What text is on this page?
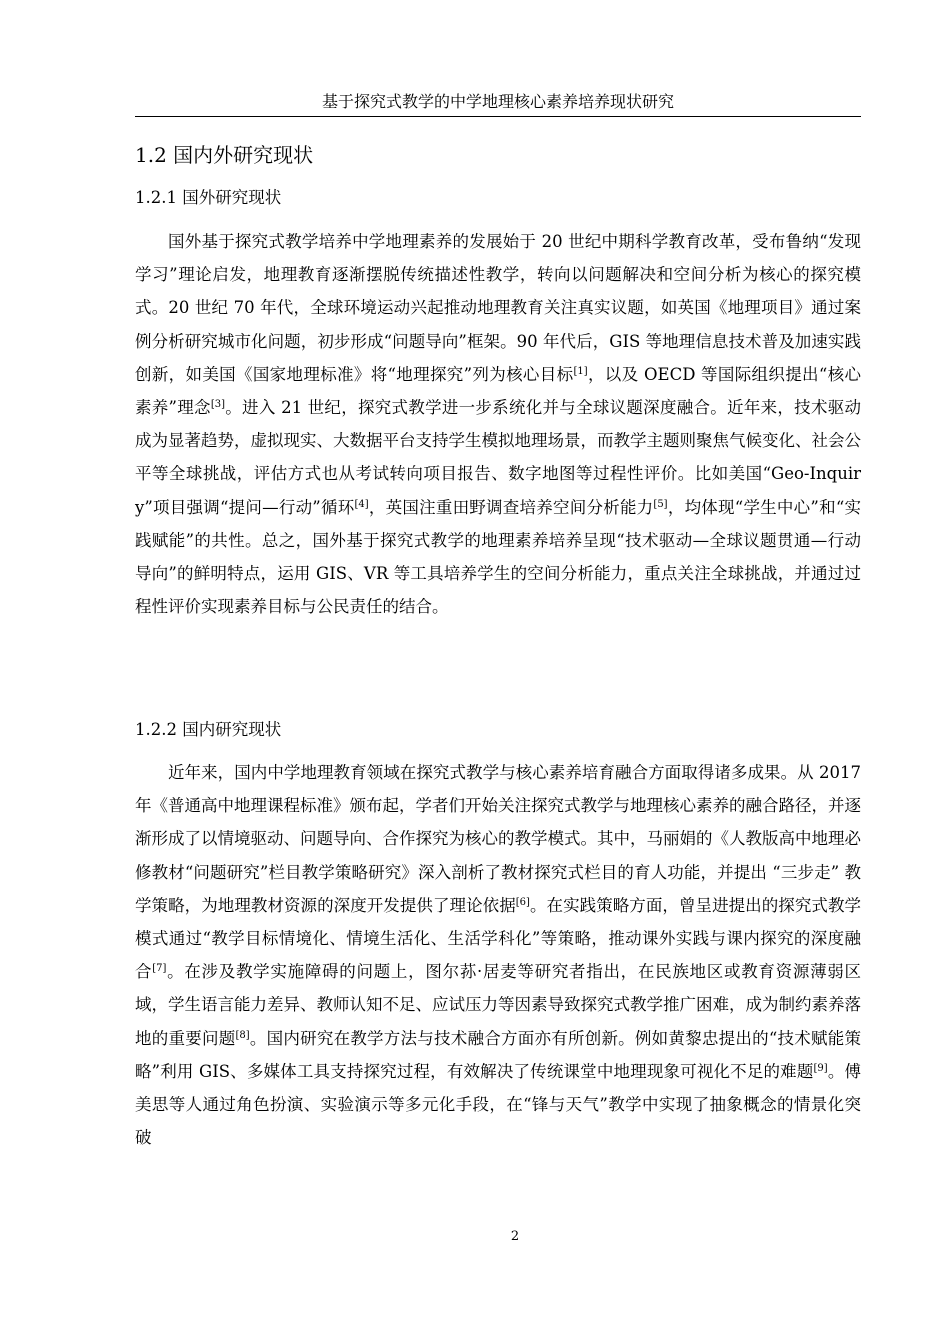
基于探究式教学的中学地理核心素养培养现状研究
1.2 国内外研究现状
1.2.1 国外研究现状

国外基于探究式教学培养中学地理素养的发展始于 20 世纪中期科学教育改革，受布鲁纳“发现学习”理论启发，地理教育逐渐摆脱传统描述性教学，转向以问题解决和空间分析为核心的探究模式。20 世纪 70 年代，全球环境运动兴起推动地理教育关注真实议题，如英国《地理项目》通过案例分析研究城市化问题，初步形成“问题导向”框架。90 年代后，GIS 等地理信息技术普及加速实践创新，如美国《国家地理标准》将“地理探究”列为核心目标[1]，以及 OECD 等国际组织提出“核心素养”理念[3]。进入 21 世纪，探究式教学进一步系统化并与全球议题深度融合。近年来，技术驱动成为显著趋势，虚拟现实、大数据平台支持学生模拟地理场景，而教学主题则聚焦气候变化、社会公平等全球挑战，评估方式也从考试转向项目报告、数字地图等过程性评价。比如美国“Geo-Inquiry”项目强调“提问—行动”循环[4]，英国注重田野调查培养空间分析能力[5]，均体现“学生中心”和“实践赋能”的共性。总之，国外基于探究式教学的地理素养培养呈现“技术驱动—全球议题贯通—行动导向”的鲜明特点，运用 GIS、VR 等工具培养学生的空间分析能力，重点关注全球挑战，并通过过程性评价实现素养目标与公民责任的结合。

1.2.2 国内研究现状

近年来，国内中学地理教育领域在探究式教学与核心素养培育融合方面取得诸多成果。从 2017 年《普通高中地理课程标准》颁布起，学者们开始关注探究式教学与地理核心素养的融合路径，并逐渐形成了以情境驱动、问题导向、合作探究为核心的教学模式。其中，马丽娟的《人教版高中地理必修教材“问题研究”栏目教学策略研究》深入剖析了教材探究式栏目的育人功能，并提出 “三步走” 教学策略，为地理教材资源的深度开发提供了理论依据[6]。在实践策略方面，曾呈进提出的探究式教学模式通过“教学目标情境化、情境生活化、生活学科化”等策略，推动课外实践与课内探究的深度融合[7]。在涉及教学实施障碍的问题上，图尔荪·居麦等研究者指出，在民族地区或教育资源薄弱区域，学生语言能力差异、教师认知不足、应试压力等因素导致探究式教学推广困难，成为制约素养落地的重要问题[8]。国内研究在教学方法与技术融合方面亦有所创新。例如黄黎忠提出的“技术赋能策略”利用 GIS、多媒体工具支持探究过程，有效解决了传统课堂中地理现象可视化不足的难题[9]。傅美思等人通过角色扮演、实验演示等多元化手段，在“锋与天气”教学中实现了抽象概念的情景化突破

2
